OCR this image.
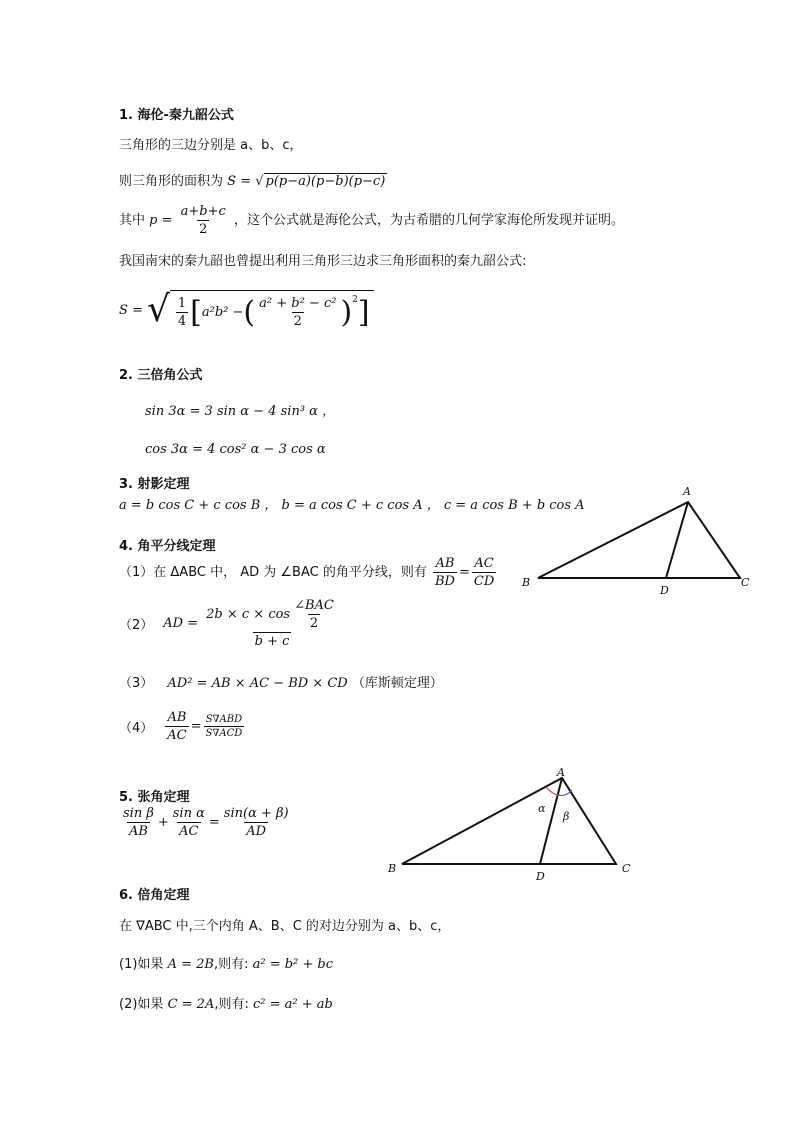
1. 海伦-秦九韶公式
三角形的三边分别是 a、b、c，
则三角形的面积为 S = √ p(p−a)(p−b)(p−c)
其中 $p = \frac{a+b+c}{2}$ ，这个公式就是海伦公式，为古希腊的几何学家海伦所发现并证明。
我国南宋的秦九韶也曾提出利用三角形三边求三角形面积的秦九韶公式:
S = √ $\frac{1}{4}$ [ a²b² − ( $\frac{\text{a² + b² − c²}}{2} )^2$ ]
2. 三倍角公式
sin 3α = 3 sin α − 4 sin³ α ，
cos 3α = 4 cos² α − 3 cos α
3. 射影定理
a = b cos C + c cos B ， b = a cos C + c cos A ， c = a cos B + b cos A
4. 角平分线定理
（1）在 ΔABC 中， AD 为 ∠BAC 的角平分线，则有 $\frac{AB}{BD} = \frac{AC}{CD}$
（2） AD = $\frac{2b \times c \times \cos \frac{\text{∠BAC}}{2}}{b + c}$
（3） AD² = AB × AC − BD × CD （库斯顿定理）
$(4) \frac{AB}{AC} = \frac{\text{S∇ABD}}{\text{S∇ACD}}$
A
B	C
D
5. 张角定理
$\frac{\text{sin β}}{AB} + \frac{\text{sin α}}{AC} = \frac{\sin(\alpha + \beta)}{AD}$
A
B	C
D
α
β
6. 倍角定理
在 ∇ABC 中,三个内角 A、B、C 的对边分别为 a、b、c，
(1)如果 A = 2B,则有: a² = b² + bc
(2)如果 C = 2A,则有: c² = a² + ab
